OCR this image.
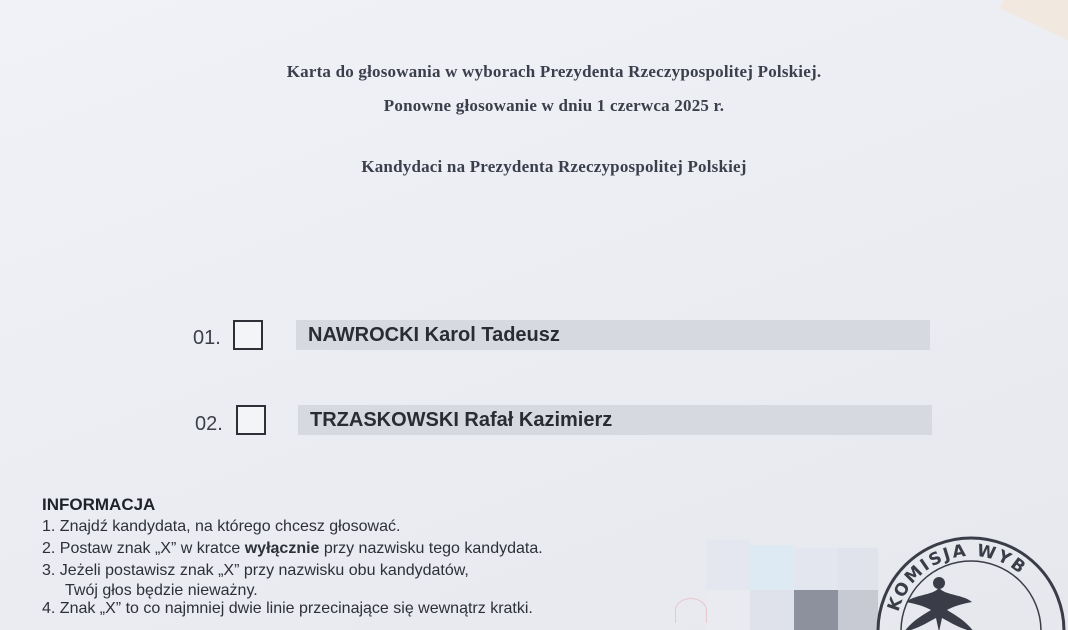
Karta do głosowania w wyborach Prezydenta Rzeczypospolitej Polskiej.
Ponowne głosowanie w dniu 1 czerwca 2025 r.
Kandydaci na Prezydenta Rzeczypospolitej Polskiej
01.	NAWROCKI Karol Tadeusz
02.	TRZASKOWSKI Rafał Kazimierz
INFORMACJA
1. Znajdź kandydata, na którego chcesz głosować.
2. Postaw znak „X” w kratce wyłącznie przy nazwisku tego kandydata.
3. Jeżeli postawisz znak „X” przy nazwisku obu kandydatów,
Twój głos będzie nieważny.
4. Znak „X” to co najmniej dwie linie przecinające się wewnątrz kratki.	KOMISJA WYB
